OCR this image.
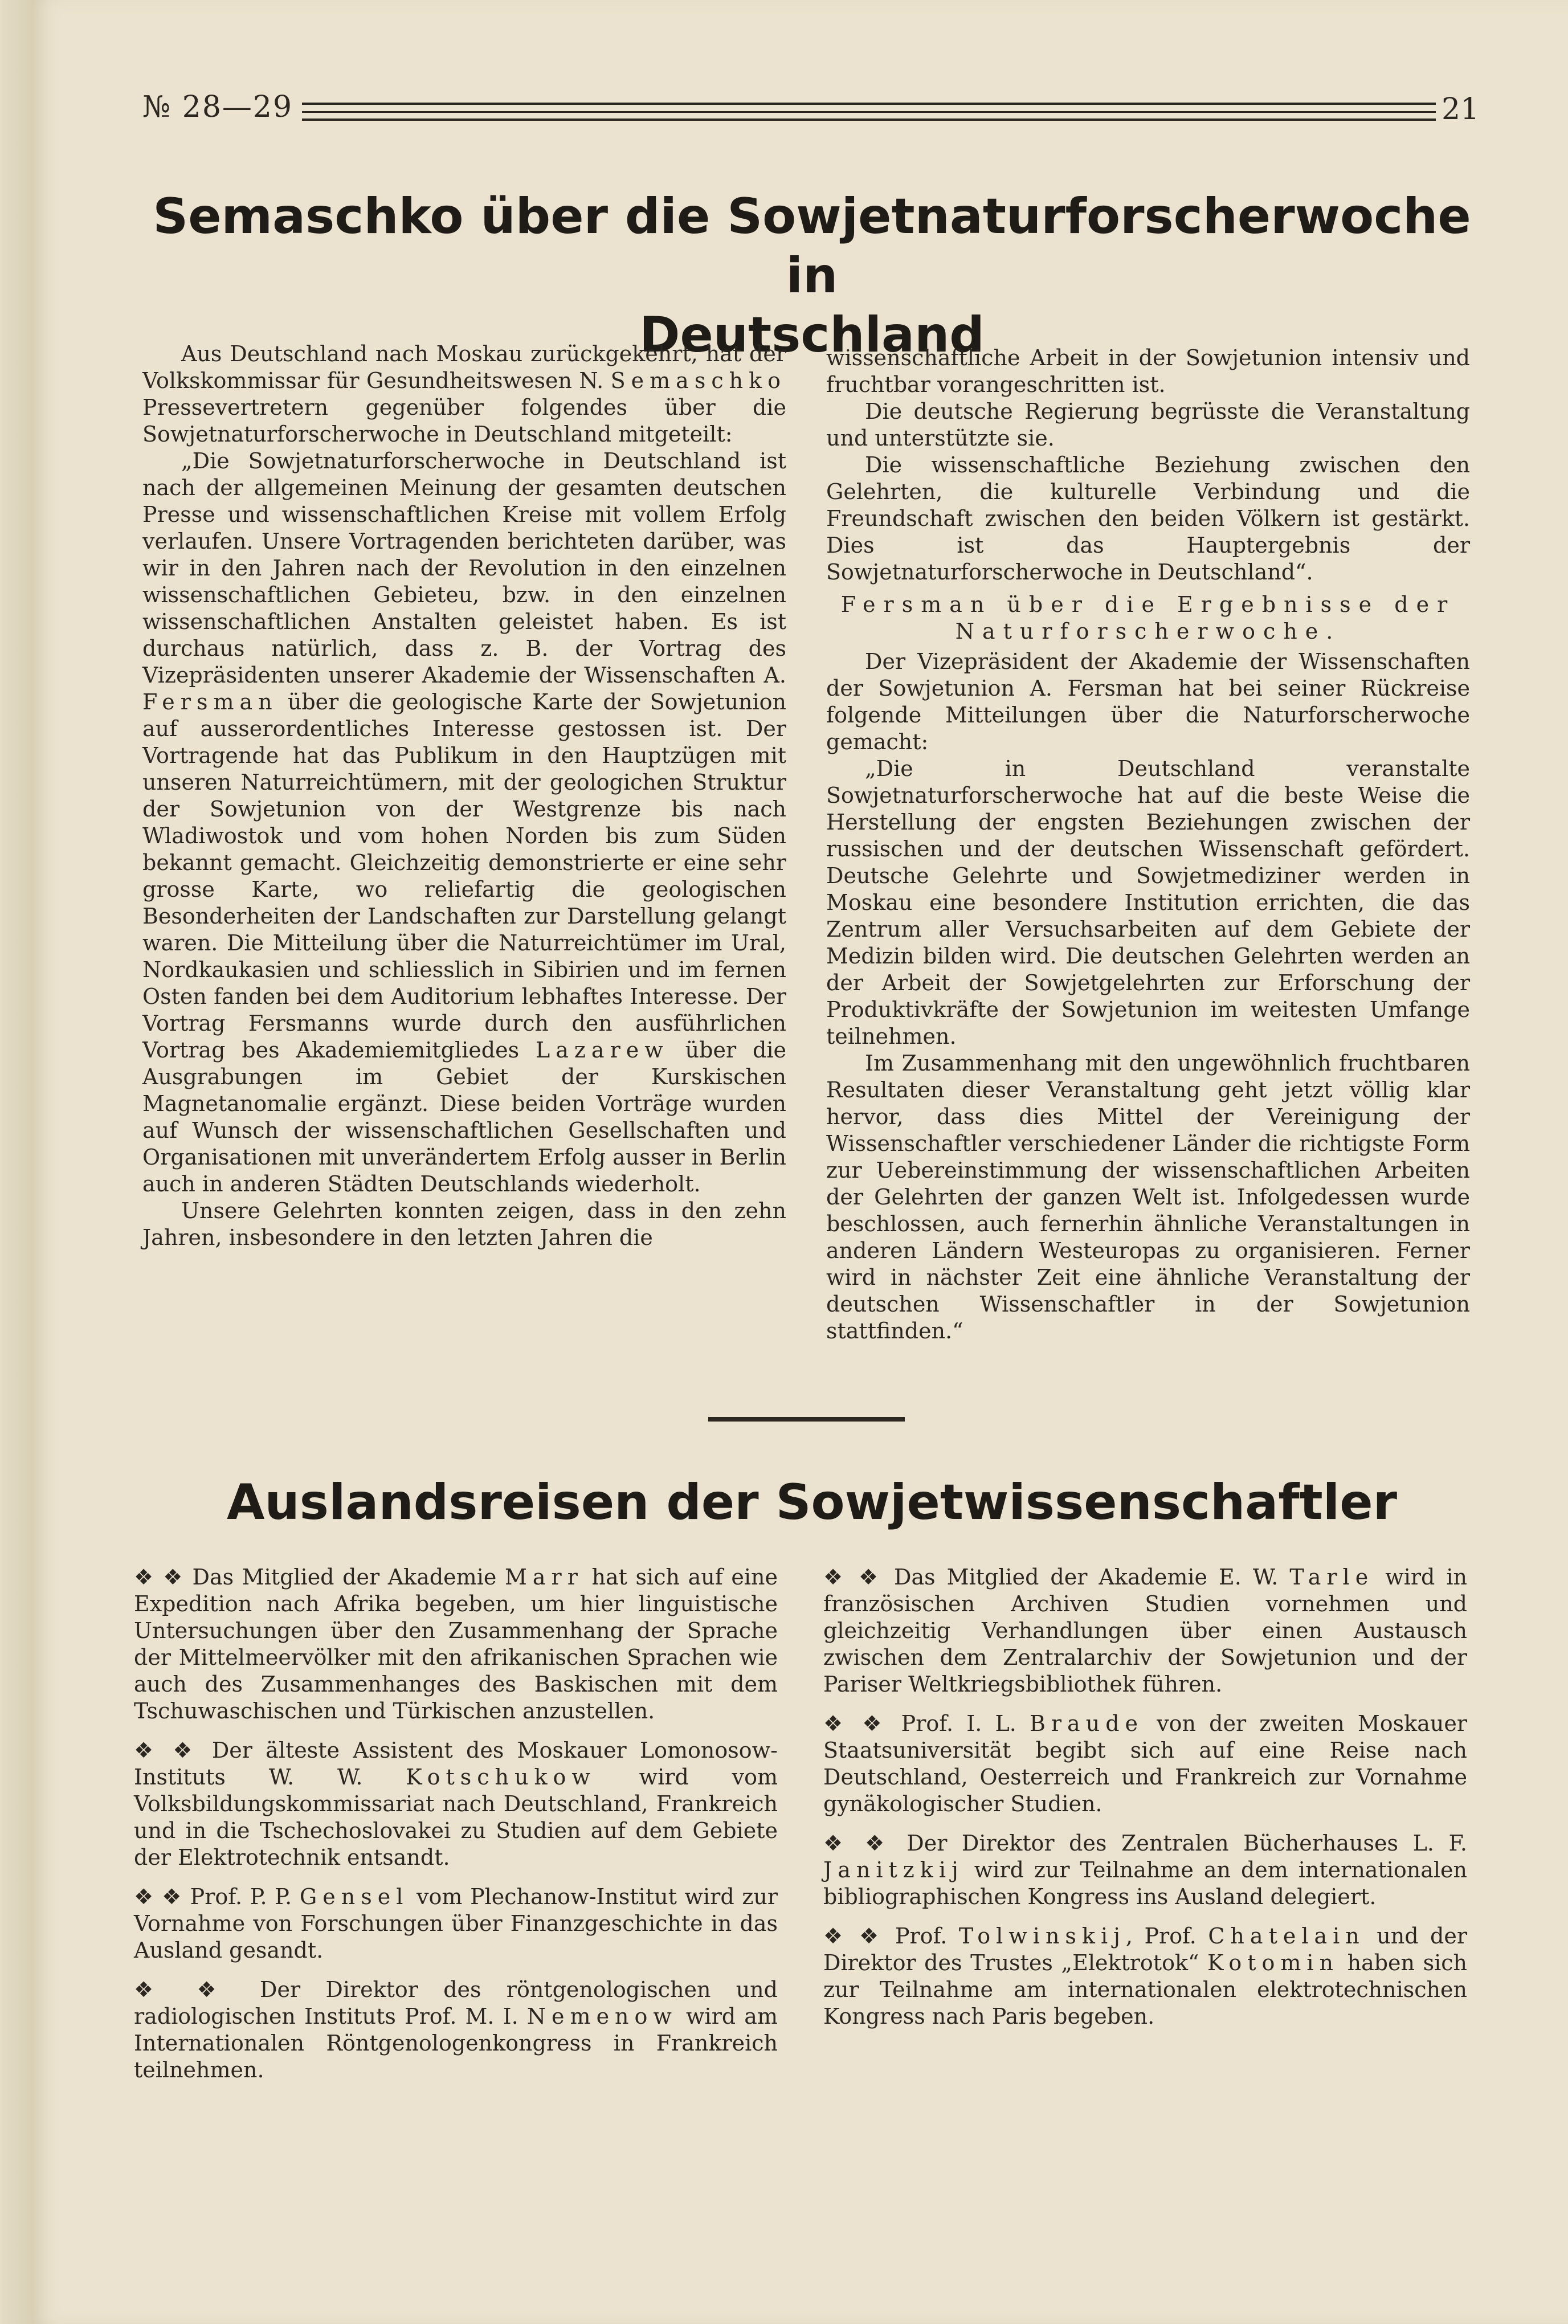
№ 28—29	21
Semaschko über die Sowjetnaturforscherwoche in
Deutschland

Aus Deutschland nach Moskau zurückgekehrt, hat der Volkskommissar für Gesundheitswesen N. Semaschko Pressevertretern gegenüber folgendes über die Sowjetnaturforscherwoche in Deutschland mitgeteilt:

„Die Sowjetnaturforscherwoche in Deutschland ist nach der allgemeinen Meinung der gesamten deutschen Presse und wissenschaftlichen Kreise mit vollem Erfolg verlaufen. Unsere Vortragenden berichteten darüber, was wir in den Jahren nach der Revolution in den einzelnen wissenschaftlichen Gebieteu, bzw. in den einzelnen wissenschaftlichen Anstalten geleistet haben. Es ist durchaus natürlich, dass z. B. der Vortrag des Vizepräsidenten unserer Akademie der Wissenschaften A. Fersman über die geologische Karte der Sowjetunion auf ausserordentliches Interesse gestossen ist. Der Vortragende hat das Publikum in den Hauptzügen mit unseren Naturreichtümern, mit der geologichen Struktur der Sowjetunion von der Westgrenze bis nach Wladiwostok und vom hohen Norden bis zum Süden bekannt gemacht. Gleichzeitig demonstrierte er eine sehr grosse Karte, wo reliefartig die geologischen Besonderheiten der Landschaften zur Darstellung gelangt waren. Die Mitteilung über die Naturreichtümer im Ural, Nordkaukasien und schliesslich in Sibirien und im fernen Osten fanden bei dem Auditorium lebhaftes Interesse. Der Vortrag Fersmanns wurde durch den ausführlichen Vortrag bes Akademiemitgliedes Lazarew über die Ausgrabungen im Gebiet der Kurskischen Magnetanomalie ergänzt. Diese beiden Vorträge wurden auf Wunsch der wissenschaftlichen Gesellschaften und Organisationen mit unverändertem Erfolg ausser in Berlin auch in anderen Städten Deutschlands wiederholt.

Unsere Gelehrten konnten zeigen, dass in den zehn Jahren, insbesondere in den letzten Jahren die

wissenschaftliche Arbeit in der Sowjetunion intensiv und fruchtbar vorangeschritten ist.

Die deutsche Regierung begrüsste die Veranstaltung und unterstützte sie.

Die wissenschaftliche Beziehung zwischen den Gelehrten, die kulturelle Verbindung und die Freundschaft zwischen den beiden Völkern ist gestärkt. Dies ist das Hauptergebnis der Sowjetnaturforscherwoche in Deutschland“.

Fersman über die Ergebnisse der Naturforscherwoche.

Der Vizepräsident der Akademie der Wissenschaften der Sowjetunion A. Fersman hat bei seiner Rückreise folgende Mitteilungen über die Naturforscherwoche gemacht:

„Die in Deutschland veranstalte Sowjetnaturforscherwoche hat auf die beste Weise die Herstellung der engsten Beziehungen zwischen der russischen und der deutschen Wissenschaft gefördert. Deutsche Gelehrte und Sowjetmediziner werden in Moskau eine besondere Institution errichten, die das Zentrum aller Versuchsarbeiten auf dem Gebiete der Medizin bilden wird. Die deutschen Gelehrten werden an der Arbeit der Sowjetgelehrten zur Erforschung der Produktivkräfte der Sowjetunion im weitesten Umfange teilnehmen.

Im Zusammenhang mit den ungewöhnlich fruchtbaren Resultaten dieser Veranstaltung geht jetzt völlig klar hervor, dass dies Mittel der Vereinigung der Wissenschaftler verschiedener Länder die richtigste Form zur Uebereinstimmung der wissenschaftlichen Arbeiten der Gelehrten der ganzen Welt ist. Infolgedessen wurde beschlossen, auch fernerhin ähnliche Veranstaltungen in anderen Ländern Westeuropas zu organisieren. Ferner wird in nächster Zeit eine ähnliche Veranstaltung der deutschen Wissenschaftler in der Sowjetunion stattfinden.“

Auslandsreisen der Sowjetwissenschaftler

❖ ❖ Das Mitglied der Akademie Marr hat sich auf eine Expedition nach Afrika begeben, um hier linguistische Untersuchungen über den Zusammenhang der Sprache der Mittelmeervölker mit den afrikanischen Sprachen wie auch des Zusammenhanges des Baskischen mit dem Tschuwaschischen und Türkischen anzustellen.

❖ ❖ Der älteste Assistent des Moskauer Lomonosow-Instituts W. W. Kotschukow wird vom Volksbildungskommissariat nach Deutschland, Frankreich und in die Tschechoslovakei zu Studien auf dem Gebiete der Elektrotechnik entsandt.

❖ ❖ Prof. P. P. Gensel vom Plechanow-Institut wird zur Vornahme von Forschungen über Finanzgeschichte in das Ausland gesandt.

❖ ❖ Der Direktor des röntgenologischen und radiologischen Instituts Prof. M. I. Nemenow wird am Internationalen Röntgenologenkongress in Frankreich teilnehmen.

❖ ❖ Das Mitglied der Akademie E. W. Tarle wird in französischen Archiven Studien vornehmen und gleichzeitig Verhandlungen über einen Austausch zwischen dem Zentralarchiv der Sowjetunion und der Pariser Weltkriegsbibliothek führen.

❖ ❖ Prof. I. L. Braude von der zweiten Moskauer Staatsuniversität begibt sich auf eine Reise nach Deutschland, Oesterreich und Frankreich zur Vornahme gynäkologischer Studien.

❖ ❖ Der Direktor des Zentralen Bücherhauses L. F. Janitzkij wird zur Teilnahme an dem internationalen bibliographischen Kongress ins Ausland delegiert.

❖ ❖ Prof. Tolwinskij, Prof. Chatelain und der Direktor des Trustes „Elektrotok“ Kotomin haben sich zur Teilnahme am internationalen elektrotechnischen Kongress nach Paris begeben.
